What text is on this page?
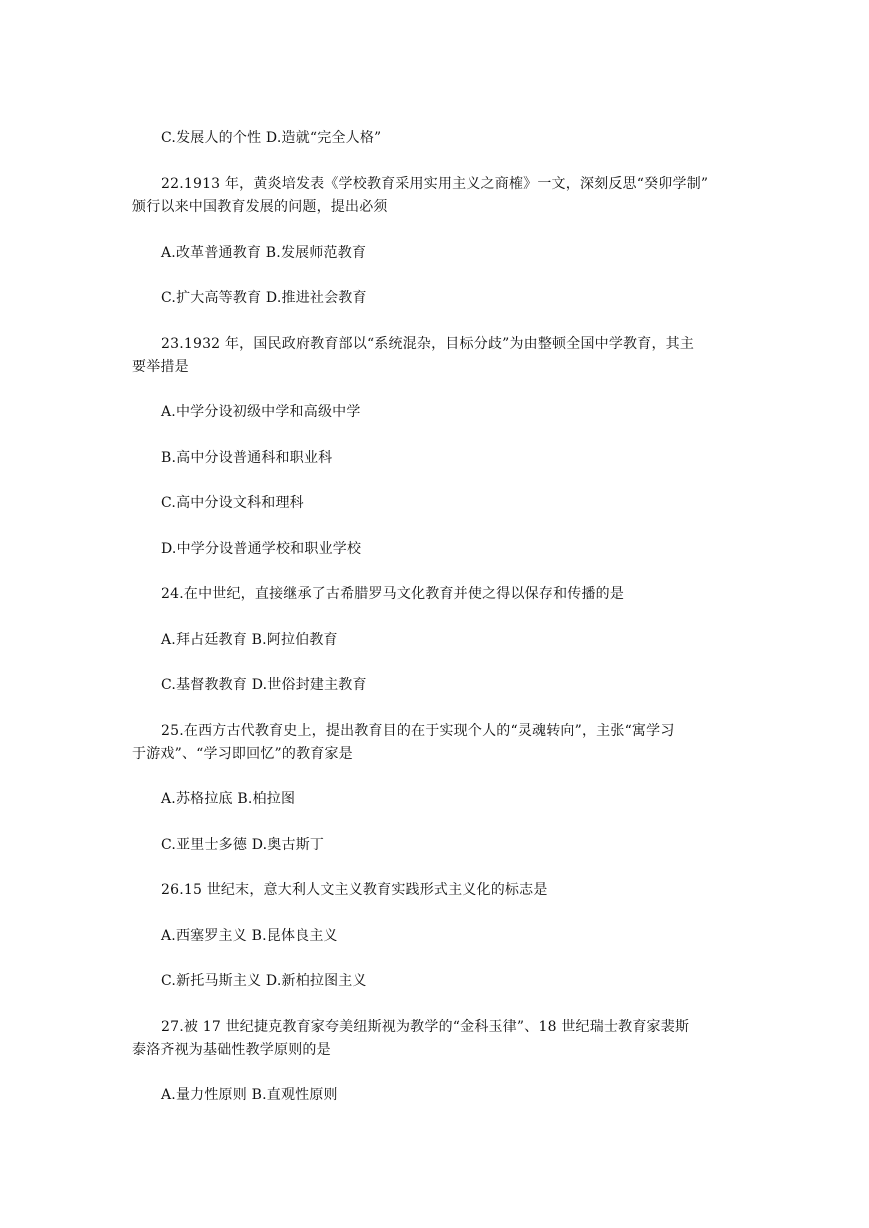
C.发展人的个性 D.造就“完全人格”
22.1913 年，黄炎培发表《学校教育采用实用主义之商榷》一文，深刻反思“癸卯学制”
颁行以来中国教育发展的问题，提出必须
A.改革普通教育 B.发展师范教育
C.扩大高等教育 D.推进社会教育
23.1932 年，国民政府教育部以“系统混杂，目标分歧”为由整顿全国中学教育，其主
要举措是
A.中学分设初级中学和高级中学
B.高中分设普通科和职业科
C.高中分设文科和理科
D.中学分设普通学校和职业学校
24.在中世纪，直接继承了古希腊罗马文化教育并使之得以保存和传播的是
A.拜占廷教育 B.阿拉伯教育
C.基督教教育 D.世俗封建主教育
25.在西方古代教育史上，提出教育目的在于实现个人的“灵魂转向”，主张“寓学习
于游戏”、“学习即回忆”的教育家是
A.苏格拉底 B.柏拉图
C.亚里士多德 D.奥古斯丁
26.15 世纪末，意大利人文主义教育实践形式主义化的标志是
A.西塞罗主义 B.昆体良主义
C.新托马斯主义 D.新柏拉图主义
27.被 17 世纪捷克教育家夸美纽斯视为教学的“金科玉律”、18 世纪瑞士教育家裴斯
泰洛齐视为基础性教学原则的是
A.量力性原则 B.直观性原则
